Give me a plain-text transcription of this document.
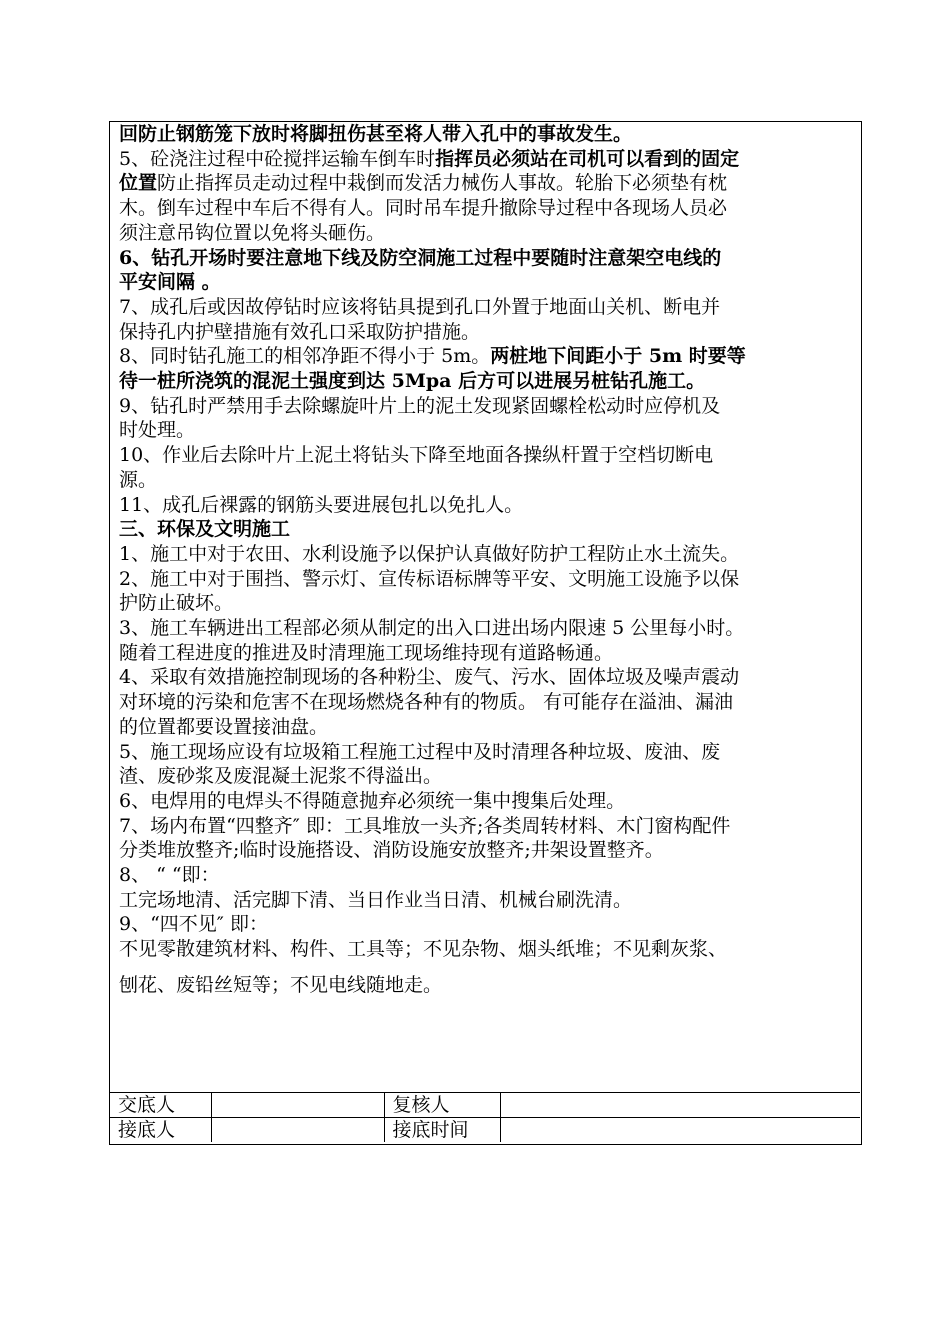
回防止钢筋笼下放时将脚扭伤甚至将人带入孔中的事故发生。
5、砼浇注过程中砼搅拌运输车倒车时指挥员必须站在司机可以看到的固定
位置防止指挥员走动过程中栽倒而发活力械伤人事故。轮胎下必须垫有枕
木。倒车过程中车后不得有人。同时吊车提升撤除导过程中各现场人员必
须注意吊钩位置以免将头砸伤。
6、钻孔开场时要注意地下线及防空洞施工过程中要随时注意架空电线的
平安间隔 。
7、成孔后或因故停钻时应该将钻具提到孔口外置于地面山关机、断电并
保持孔内护壁措施有效孔口采取防护措施。
8、同时钻孔施工的相邻净距不得小于 5m。两桩地下间距小于 5m 时要等
待一桩所浇筑的混泥土强度到达 5Mpa 后方可以进展另桩钻孔施工。
9、钻孔时严禁用手去除螺旋叶片上的泥土发现紧固螺栓松动时应停机及
时处理。
10、作业后去除叶片上泥土将钻头下降至地面各操纵杆置于空档切断电
源。
11、成孔后裸露的钢筋头要进展包扎以免扎人。
三、环保及文明施工
1、施工中对于农田、水利设施予以保护认真做好防护工程防止水土流失。
2、施工中对于围挡、警示灯、宣传标语标牌等平安、文明施工设施予以保
护防止破坏。
3、施工车辆进出工程部必须从制定的出入口进出场内限速 5 公里每小时。
随着工程进度的推进及时清理施工现场维持现有道路畅通。
4、采取有效措施控制现场的各种粉尘、废气、污水、固体垃圾及噪声震动
对环境的污染和危害不在现场燃烧各种有的物质。 有可能存在溢油、漏油
的位置都要设置接油盘。
5、施工现场应设有垃圾箱工程施工过程中及时清理各种垃圾、废油、废
渣、废砂浆及废混凝土泥浆不得溢出。
6、电焊用的电焊头不得随意抛弃必须统一集中搜集后处理。
7、场内布置“四整齐″ 即：工具堆放一头齐;各类周转材料、木门窗构配件
分类堆放整齐;临时设施搭设、消防设施安放整齐;井架设置整齐。
8、 “ “即：
工完场地清、活完脚下清、当日作业当日清、机械台刷洗清。
9、“四不见″ 即：
不见零散建筑材料、构件、工具等；不见杂物、烟头纸堆；不见剩灰浆、
刨花、废铅丝短等；不见电线随地走。
交底人		复核人	
接底人		接底时间	
